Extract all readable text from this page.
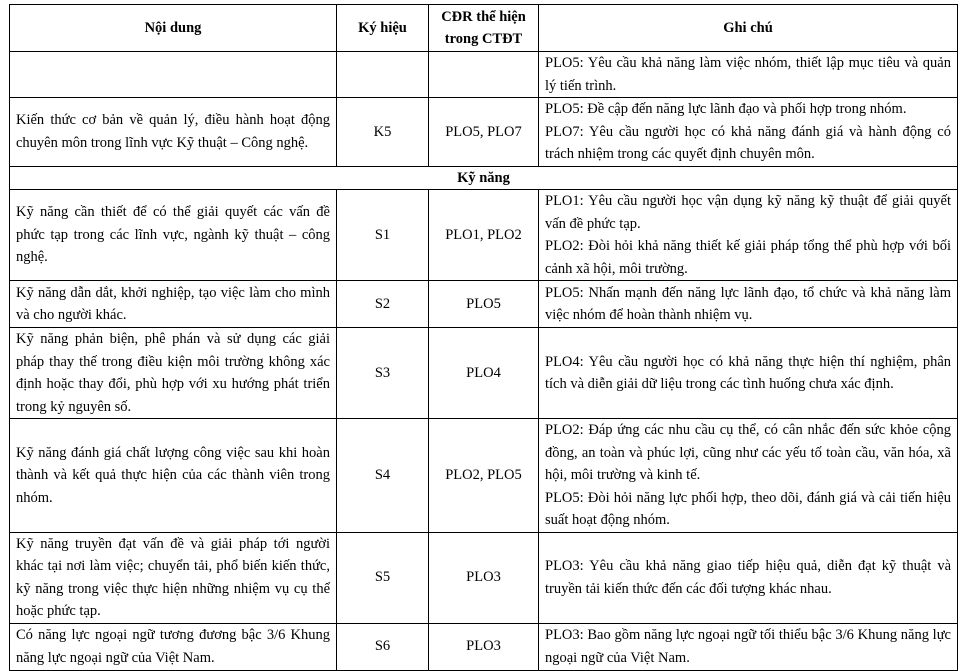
Nội dung	Ký hiệu	CĐR thể hiện trong CTĐT	Ghi chú

			PLO5: Yêu cầu khả năng làm việc nhóm, thiết lập mục tiêu và quản lý tiến trình.

Kiến thức cơ bản về quản lý, điều hành hoạt động chuyên môn trong lĩnh vực Kỹ thuật – Công nghệ.	K5	PLO5, PLO7	PLO5: Đề cập đến năng lực lãnh đạo và phối hợp trong nhóm.
PLO7: Yêu cầu người học có khả năng đánh giá và hành động có trách nhiệm trong các quyết định chuyên môn.

Kỹ năng			
Kỹ năng cần thiết để có thể giải quyết các vấn đề phức tạp trong các lĩnh vực, ngành kỹ thuật – công nghệ.	S1	PLO1, PLO2	PLO1: Yêu cầu người học vận dụng kỹ năng kỹ thuật để giải quyết vấn đề phức tạp.
PLO2: Đòi hỏi khả năng thiết kế giải pháp tổng thể phù hợp với bối cảnh xã hội, môi trường.

Kỹ năng dẫn dắt, khởi nghiệp, tạo việc làm cho mình và cho người khác.	S2	PLO5	PLO5: Nhấn mạnh đến năng lực lãnh đạo, tổ chức và khả năng làm việc nhóm để hoàn thành nhiệm vụ.

Kỹ năng phản biện, phê phán và sử dụng các giải pháp thay thế trong điều kiện môi trường không xác định hoặc thay đổi, phù hợp với xu hướng phát triển trong kỷ nguyên số.	S3	PLO4	PLO4: Yêu cầu người học có khả năng thực hiện thí nghiệm, phân tích và diễn giải dữ liệu trong các tình huống chưa xác định.

Kỹ năng đánh giá chất lượng công việc sau khi hoàn thành và kết quả thực hiện của các thành viên trong nhóm.	S4	PLO2, PLO5	PLO2: Đáp ứng các nhu cầu cụ thể, có cân nhắc đến sức khỏe cộng đồng, an toàn và phúc lợi, cũng như các yếu tố toàn cầu, văn hóa, xã hội, môi trường và kinh tế.
PLO5: Đòi hỏi năng lực phối hợp, theo dõi, đánh giá và cải tiến hiệu suất hoạt động nhóm.

Kỹ năng truyền đạt vấn đề và giải pháp tới người khác tại nơi làm việc; chuyển tải, phổ biến kiến thức, kỹ năng trong việc thực hiện những nhiệm vụ cụ thể hoặc phức tạp.	S5	PLO3	PLO3: Yêu cầu khả năng giao tiếp hiệu quả, diễn đạt kỹ thuật và truyền tải kiến thức đến các đối tượng khác nhau.

Có năng lực ngoại ngữ tương đương bậc 3/6 Khung năng lực ngoại ngữ của Việt Nam.	S6	PLO3	PLO3: Bao gồm năng lực ngoại ngữ tối thiểu bậc 3/6 Khung năng lực ngoại ngữ của Việt Nam.
